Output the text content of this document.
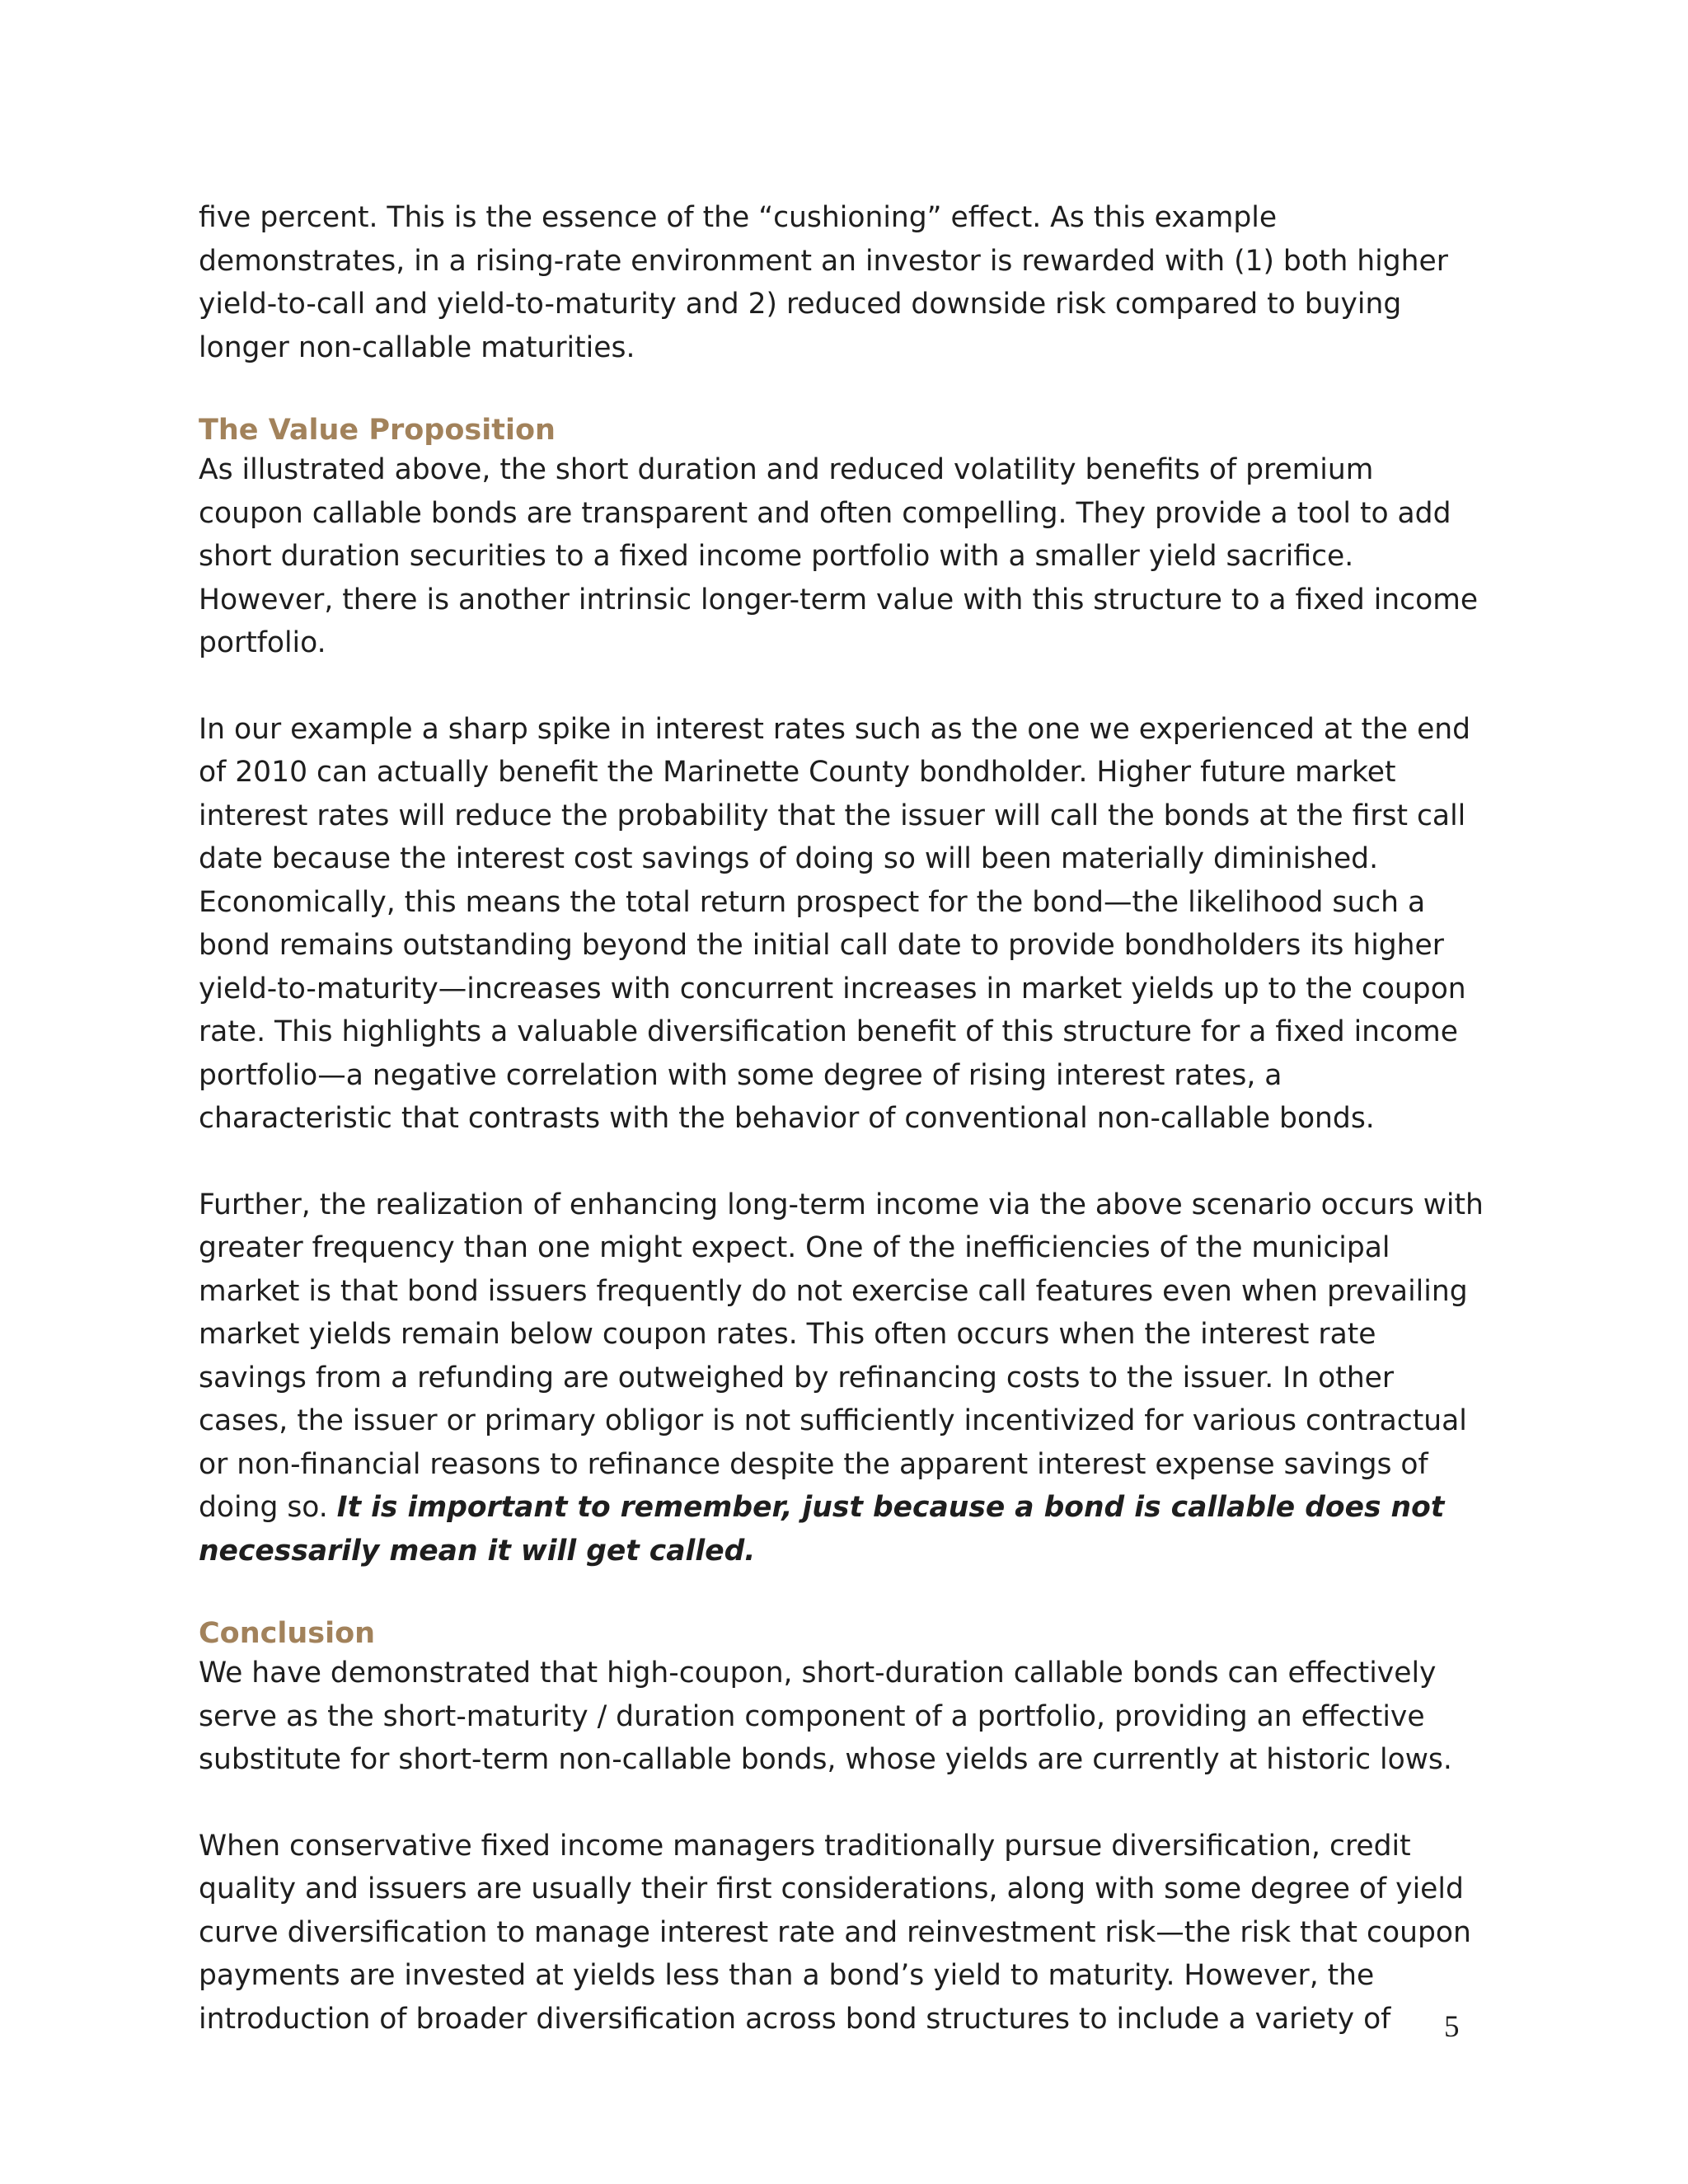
five percent. This is the essence of the “cushioning” effect. As this example demonstrates, in a rising-rate environment an investor is rewarded with (1) both higher yield-to-call and yield-to-maturity and 2) reduced downside risk compared to buying longer non-callable maturities.

The Value Proposition

As illustrated above, the short duration and reduced volatility benefits of premium coupon callable bonds are transparent and often compelling. They provide a tool to add short duration securities to a fixed income portfolio with a smaller yield sacrifice. However, there is another intrinsic longer-term value with this structure to a fixed income portfolio.

In our example a sharp spike in interest rates such as the one we experienced at the end of 2010 can actually benefit the Marinette County bondholder. Higher future market interest rates will reduce the probability that the issuer will call the bonds at the first call date because the interest cost savings of doing so will been materially diminished. Economically, this means the total return prospect for the bond—the likelihood such a bond remains outstanding beyond the initial call date to provide bondholders its higher yield-to-maturity—increases with concurrent increases in market yields up to the coupon rate. This highlights a valuable diversification benefit of this structure for a fixed income portfolio—a negative correlation with some degree of rising interest rates, a characteristic that contrasts with the behavior of conventional non-callable bonds.

Further, the realization of enhancing long-term income via the above scenario occurs with greater frequency than one might expect. One of the inefficiencies of the municipal market is that bond issuers frequently do not exercise call features even when prevailing market yields remain below coupon rates. This often occurs when the interest rate savings from a refunding are outweighed by refinancing costs to the issuer. In other cases, the issuer or primary obligor is not sufficiently incentivized for various contractual or non-financial reasons to refinance despite the apparent interest expense savings of doing so. It is important to remember, just because a bond is callable does not necessarily mean it will get called.

Conclusion

We have demonstrated that high-coupon, short-duration callable bonds can effectively serve as the short-maturity / duration component of a portfolio, providing an effective substitute for short-term non-callable bonds, whose yields are currently at historic lows.

When conservative fixed income managers traditionally pursue diversification, credit quality and issuers are usually their first considerations, along with some degree of yield curve diversification to manage interest rate and reinvestment risk—the risk that coupon payments are invested at yields less than a bond’s yield to maturity. However, the introduction of broader diversification across bond structures to include a variety of	5
